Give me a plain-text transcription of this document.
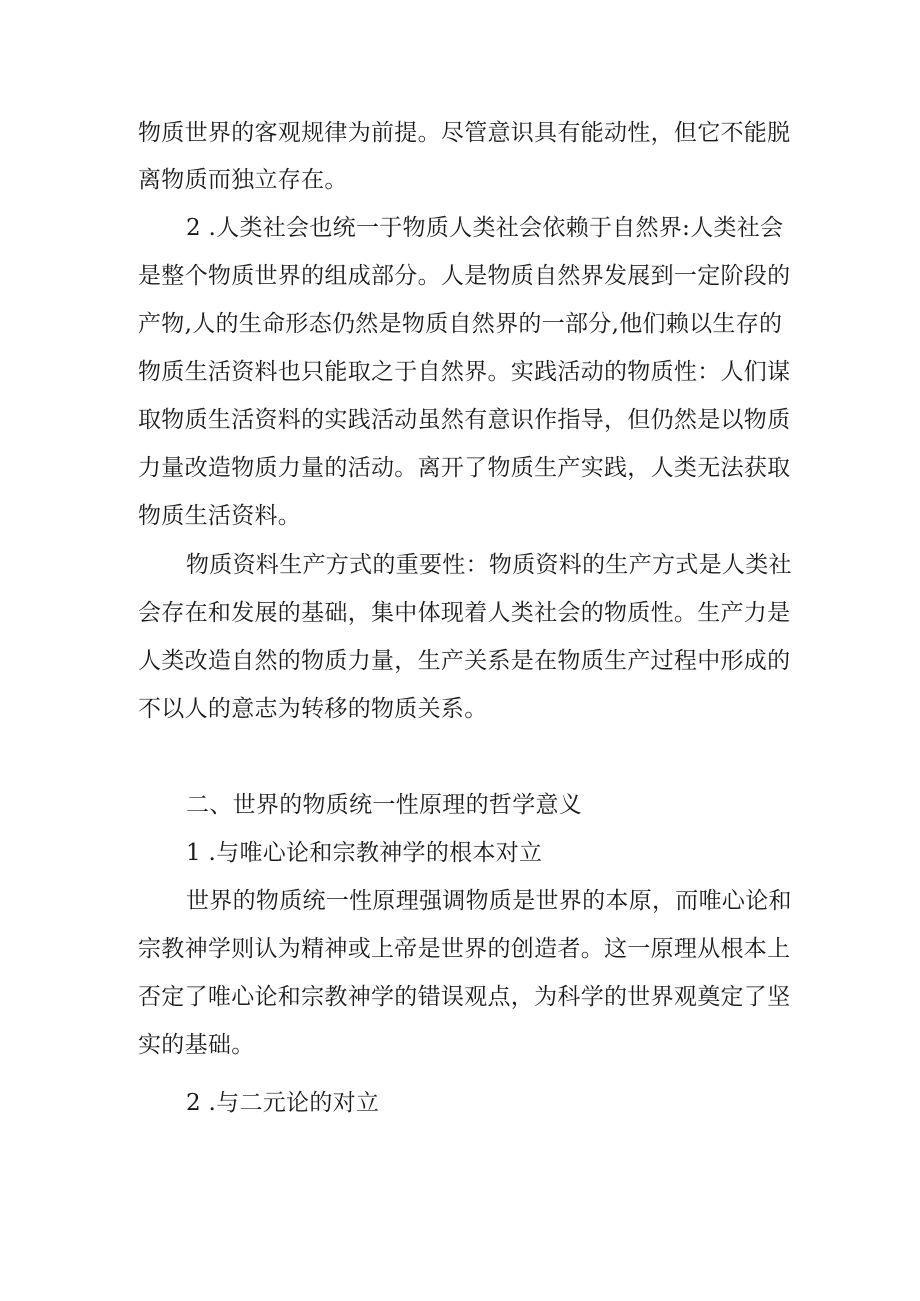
物质世界的客观规律为前提。尽管意识具有能动性，但它不能脱
离物质而独立存在。
2 .人类社会也统一于物质人类社会依赖于自然界:人类社会
是整个物质世界的组成部分。人是物质自然界发展到一定阶段的
产物,人的生命形态仍然是物质自然界的一部分,他们赖以生存的
物质生活资料也只能取之于自然界。实践活动的物质性：人们谋
取物质生活资料的实践活动虽然有意识作指导，但仍然是以物质
力量改造物质力量的活动。离开了物质生产实践，人类无法获取
物质生活资料。
物质资料生产方式的重要性：物质资料的生产方式是人类社
会存在和发展的基础，集中体现着人类社会的物质性。生产力是
人类改造自然的物质力量，生产关系是在物质生产过程中形成的
不以人的意志为转移的物质关系。
二、世界的物质统一性原理的哲学意义
1 .与唯心论和宗教神学的根本对立
世界的物质统一性原理强调物质是世界的本原，而唯心论和
宗教神学则认为精神或上帝是世界的创造者。这一原理从根本上
否定了唯心论和宗教神学的错误观点，为科学的世界观奠定了坚
实的基础。
2 .与二元论的对立
